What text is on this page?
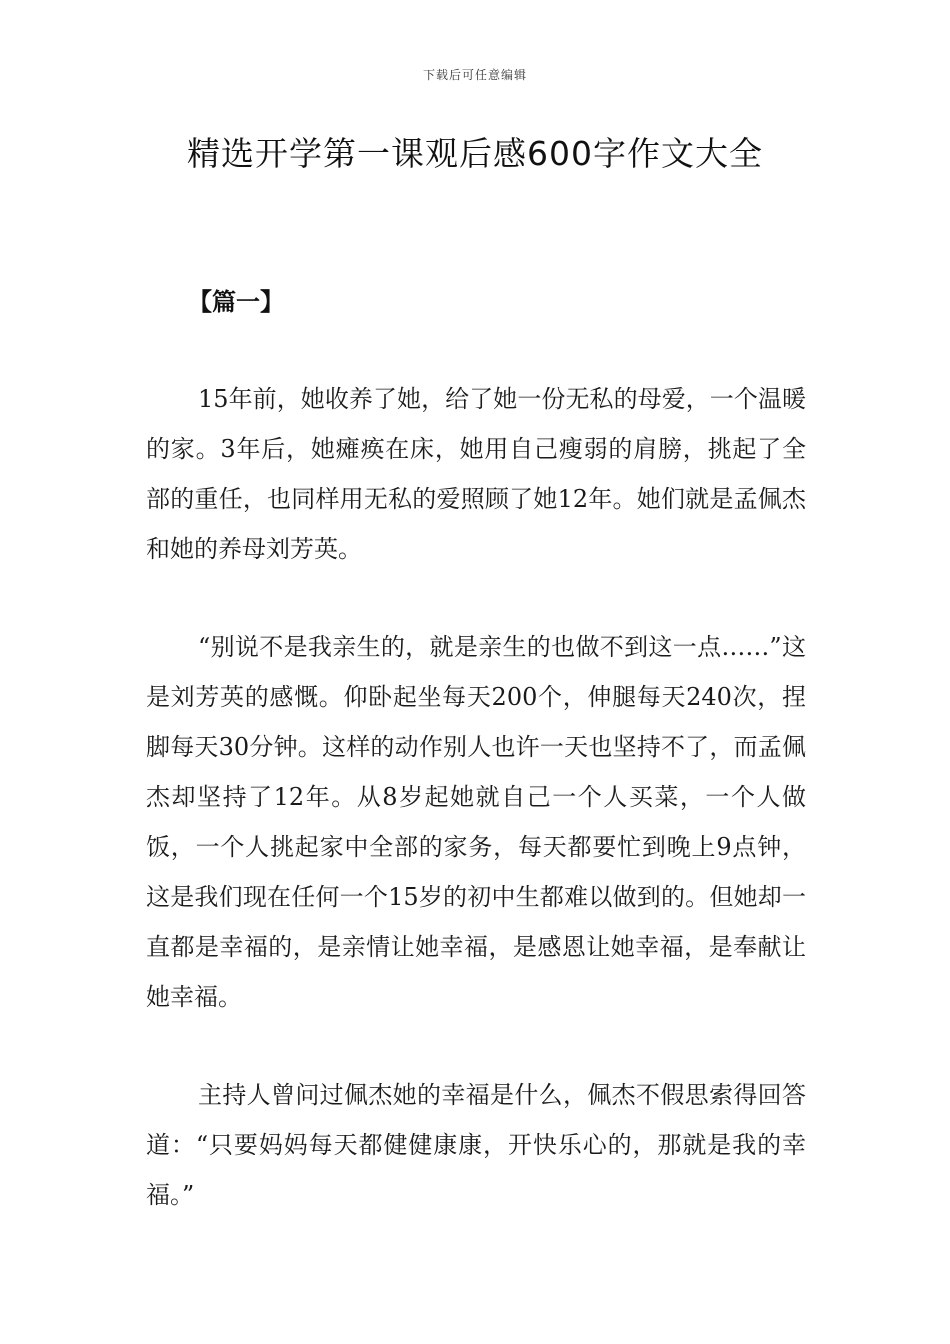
下载后可任意编辑
精选开学第一课观后感600字作文大全
【篇一】

15年前，她收养了她，给了她一份无私的母爱，一个温暖的家。3年后，她瘫痪在床，她用自己瘦弱的肩膀，挑起了全部的重任，也同样用无私的爱照顾了她12年。她们就是孟佩杰和她的养母刘芳英。

“别说不是我亲生的，就是亲生的也做不到这一点……”这是刘芳英的感慨。仰卧起坐每天200个，伸腿每天240次，捏脚每天30分钟。这样的动作别人也许一天也坚持不了，而孟佩杰却坚持了12年。从8岁起她就自己一个人买菜，一个人做饭，一个人挑起家中全部的家务，每天都要忙到晚上9点钟，这是我们现在任何一个15岁的初中生都难以做到的。但她却一直都是幸福的，是亲情让她幸福，是感恩让她幸福，是奉献让她幸福。

主持人曾问过佩杰她的幸福是什么，佩杰不假思索得回答道：“只要妈妈每天都健健康康，开快乐心的，那就是我的幸福。”
